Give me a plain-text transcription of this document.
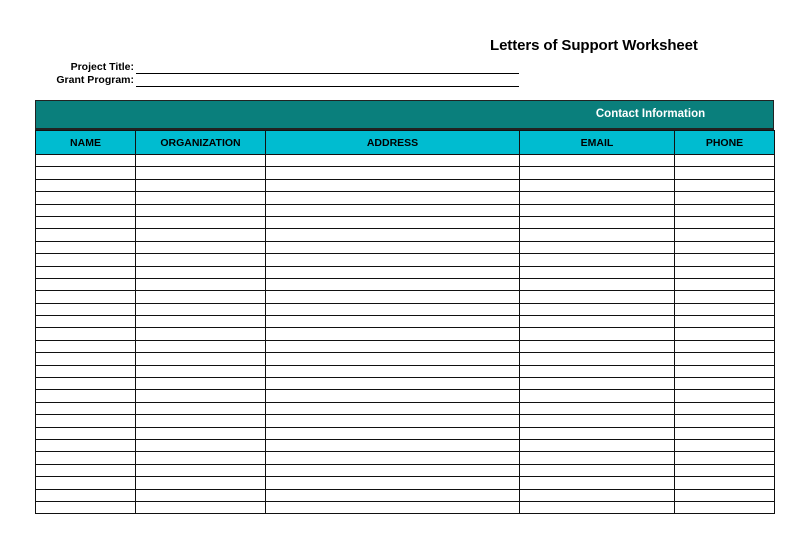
Letters of Support Worksheet
Project Title:
Grant Program:
Contact Information
NAME	ORGANIZATION	ADDRESS	EMAIL	PHONE
